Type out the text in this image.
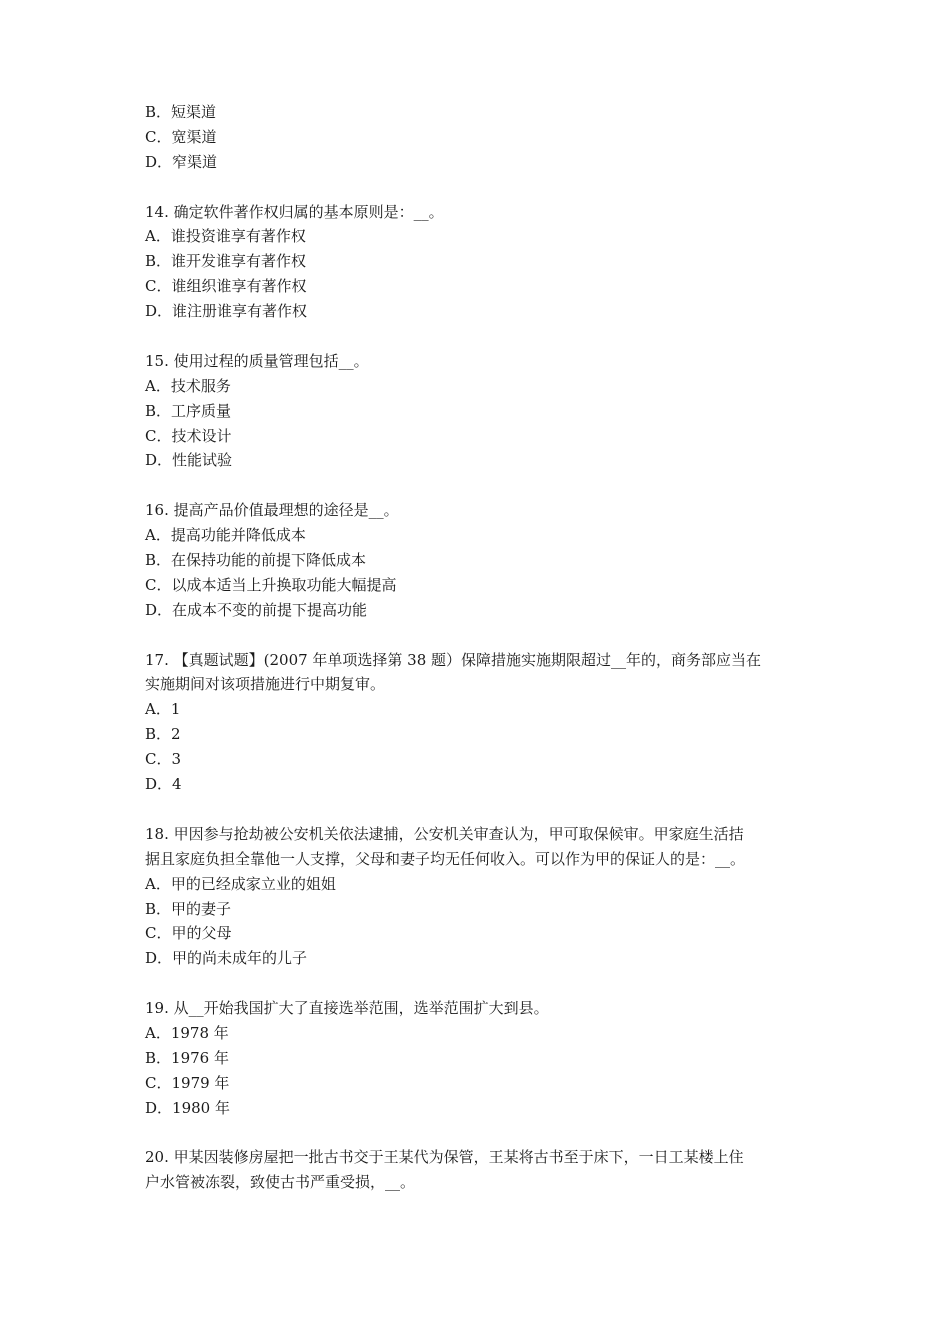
B．短渠道
C．宽渠道
D．窄渠道
14. 确定软件著作权归属的基本原则是：__。
A．谁投资谁享有著作权
B．谁开发谁享有著作权
C．谁组织谁享有著作权
D．谁注册谁享有著作权
15. 使用过程的质量管理包括__。
A．技术服务
B．工序质量
C．技术设计
D．性能试验
16. 提高产品价值最理想的途径是__。
A．提高功能并降低成本
B．在保持功能的前提下降低成本
C．以成本适当上升换取功能大幅提高
D．在成本不变的前提下提高功能
17. 【真题试题】(2007 年单项选择第 38 题）保障措施实施期限超过__年的，商务部应当在
实施期间对该项措施进行中期复审。
A．1
B．2
C．3
D．4
18. 甲因参与抢劫被公安机关依法逮捕，公安机关审查认为，甲可取保候审。甲家庭生活拮
据且家庭负担全靠他一人支撑，父母和妻子均无任何收入。可以作为甲的保证人的是：__。
A．甲的已经成家立业的姐姐
B．甲的妻子
C．甲的父母
D．甲的尚未成年的儿子
19. 从__开始我国扩大了直接选举范围，选举范围扩大到县。
A．1978 年
B．1976 年
C．1979 年
D．1980 年
20. 甲某因装修房屋把一批古书交于王某代为保管，王某将古书至于床下，一日工某楼上住
户水管被冻裂，致使古书严重受损，__。
